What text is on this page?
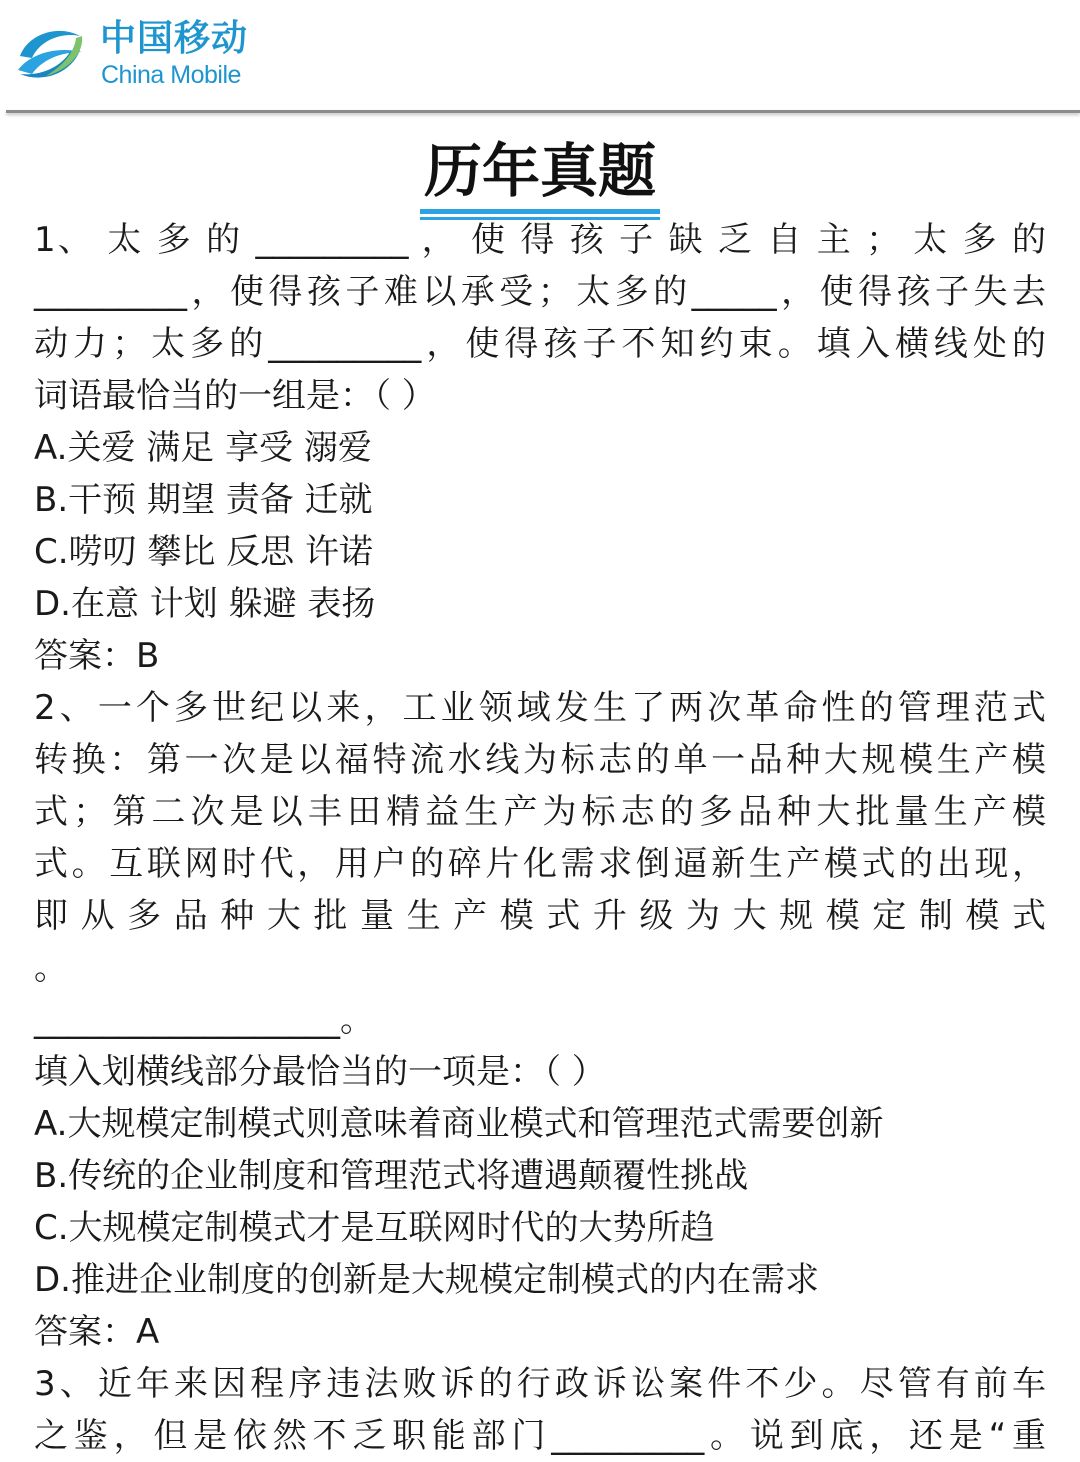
中国移动
China Mobile
历年真题

1、 太 多 的 _________ ， 使 得 孩 子 缺 乏 自 主 ； 太 多 的

_________，使得孩子难以承受；太多的_____，使得孩子失去

动力；太多的_________，使得孩子不知约束。填入横线处的

词语最恰当的一组是：（ ）

A.关爱 满足 享受 溺爱

B.干预 期望 责备 迁就

C.唠叨 攀比 反思 许诺

D.在意 计划 躲避 表扬

答案：B

2、一个多世纪以来，工业领域发生了两次革命性的管理范式

转换：第一次是以福特流水线为标志的单一品种大规模生产模

式；第二次是以丰田精益生产为标志的多品种大批量生产模

式。互联网时代，用户的碎片化需求倒逼新生产模式的出现，

即 从 多 品 种 大 批 量 生 产 模 式 升 级 为 大 规 模 定 制 模 式 。

__________________。

填入划横线部分最恰当的一项是：（ ）

A.大规模定制模式则意味着商业模式和管理范式需要创新

B.传统的企业制度和管理范式将遭遇颠覆性挑战

C.大规模定制模式才是互联网时代的大势所趋

D.推进企业制度的创新是大规模定制模式的内在需求

答案：A

3、近年来因程序违法败诉的行政诉讼案件不少。尽管有前车

之鉴，但是依然不乏职能部门_________。说到底，还是“重
